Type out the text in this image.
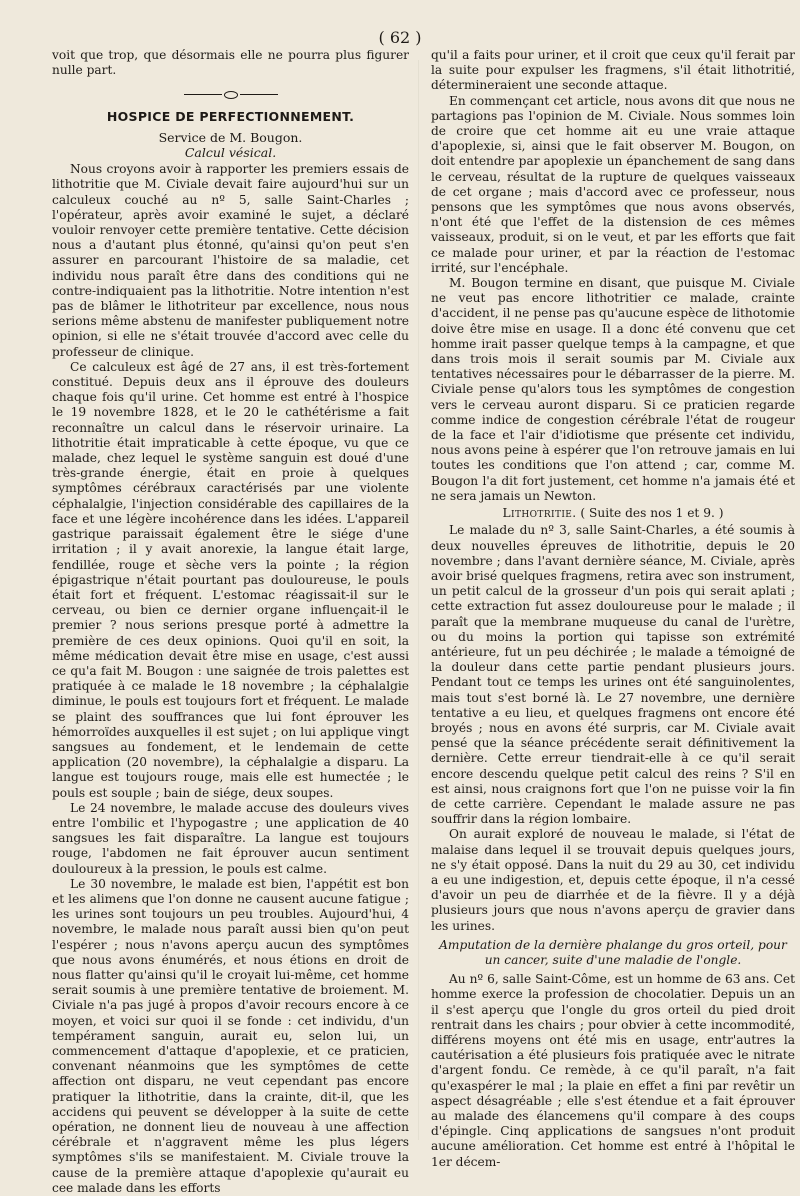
( 62 )

voit que trop, que désormais elle ne pourra plus figurer nulle part.

HOSPICE DE PERFECTIONNEMENT.
Service de M. Bougon.
Calcul vésical.

Nous croyons avoir à rapporter les premiers essais de lithotritie que M. Civiale devait faire aujourd'hui sur un calculeux couché au nº 5, salle Saint-Charles ; l'opérateur, après avoir examiné le sujet, a déclaré vouloir renvoyer cette première tentative. Cette décision nous a d'autant plus étonné, qu'ainsi qu'on peut s'en assurer en parcourant l'histoire de sa maladie, cet individu nous paraît être dans des conditions qui ne contre-indiquaient pas la lithotritie. Notre intention n'est pas de blâmer le lithotriteur par excellence, nous nous serions même abstenu de manifester publiquement notre opinion, si elle ne s'était trouvée d'accord avec celle du professeur de clinique.

Ce calculeux est âgé de 27 ans, il est très-fortement constitué. Depuis deux ans il éprouve des douleurs chaque fois qu'il urine. Cet homme est entré à l'hospice le 19 novembre 1828, et le 20 le cathétérisme a fait reconnaître un calcul dans le réservoir urinaire. La lithotritie était impraticable à cette époque, vu que ce malade, chez lequel le système sanguin est doué d'une très-grande énergie, était en proie à quelques symptômes cérébraux caractérisés par une violente céphalalgie, l'injection considérable des capillaires de la face et une légère incohérence dans les idées. L'appareil gastrique paraissait également être le siége d'une irritation ; il y avait anorexie, la langue était large, fendillée, rouge et sèche vers la pointe ; la région épigastrique n'était pourtant pas douloureuse, le pouls était fort et fréquent. L'estomac réagissait-il sur le cerveau, ou bien ce dernier organe influençait-il le premier ? nous serions presque porté à admettre la première de ces deux opinions. Quoi qu'il en soit, la même médication devait être mise en usage, c'est aussi ce qu'a fait M. Bougon : une saignée de trois palettes est pratiquée à ce malade le 18 novembre ; la céphalalgie diminue, le pouls est toujours fort et fréquent. Le malade se plaint des souffrances que lui font éprouver les hémorroïdes auxquelles il est sujet ; on lui applique vingt sangsues au fondement, et le lendemain de cette application (20 novembre), la céphalalgie a disparu. La langue est toujours rouge, mais elle est humectée ; le pouls est souple ; bain de siége, deux soupes.

Le 24 novembre, le malade accuse des douleurs vives entre l'ombilic et l'hypogastre ; une application de 40 sangsues les fait disparaître. La langue est toujours rouge, l'abdomen ne fait éprouver aucun sentiment douloureux à la pression, le pouls est calme.

Le 30 novembre, le malade est bien, l'appétit est bon et les alimens que l'on donne ne causent aucune fatigue ; les urines sont toujours un peu troubles. Aujourd'hui, 4 novembre, le malade nous paraît aussi bien qu'on peut l'espérer ; nous n'avons aperçu aucun des symptômes que nous avons énumérés, et nous étions en droit de nous flatter qu'ainsi qu'il le croyait lui-même, cet homme serait soumis à une première tentative de broiement. M. Civiale n'a pas jugé à propos d'avoir recours encore à ce moyen, et voici sur quoi il se fonde : cet individu, d'un tempérament sanguin, aurait eu, selon lui, un commencement d'attaque d'apoplexie, et ce praticien, convenant néanmoins que les symptômes de cette affection ont disparu, ne veut cependant pas encore pratiquer la lithotritie, dans la crainte, dit-il, que les accidens qui peuvent se développer à la suite de cette opération, ne donnent lieu de nouveau à une affection cérébrale et n'aggravent même les plus légers symptômes s'ils se manifestaient. M. Civiale trouve la cause de la première attaque d'apoplexie qu'aurait eu cee malade dans les efforts

qu'il a faits pour uriner, et il croit que ceux qu'il ferait par la suite pour expulser les fragmens, s'il était lithotritié, détermineraient une seconde attaque.

En commençant cet article, nous avons dit que nous ne partagions pas l'opinion de M. Civiale. Nous sommes loin de croire que cet homme ait eu une vraie attaque d'apoplexie, si, ainsi que le fait observer M. Bougon, on doit entendre par apoplexie un épanchement de sang dans le cerveau, résultat de la rupture de quelques vaisseaux de cet organe ; mais d'accord avec ce professeur, nous pensons que les symptômes que nous avons observés, n'ont été que l'effet de la distension de ces mêmes vaisseaux, produit, si on le veut, et par les efforts que fait ce malade pour uriner, et par la réaction de l'estomac irrité, sur l'encéphale.

M. Bougon termine en disant, que puisque M. Civiale ne veut pas encore lithotritier ce malade, crainte d'accident, il ne pense pas qu'aucune espèce de lithotomie doive être mise en usage. Il a donc été convenu que cet homme irait passer quelque temps à la campagne, et que dans trois mois il serait soumis par M. Civiale aux tentatives nécessaires pour le débarrasser de la pierre. M. Civiale pense qu'alors tous les symptômes de congestion vers le cerveau auront disparu. Si ce praticien regarde comme indice de congestion cérébrale l'état de rougeur de la face et l'air d'idiotisme que présente cet individu, nous avons peine à espérer que l'on retrouve jamais en lui toutes les conditions que l'on attend ; car, comme M. Bougon l'a dit fort justement, cet homme n'a jamais été et ne sera jamais un Newton.

Lithotritie. ( Suite des nos 1 et 9. )

Le malade du nº 3, salle Saint-Charles, a été soumis à deux nouvelles épreuves de lithotritie, depuis le 20 novembre ; dans l'avant dernière séance, M. Civiale, après avoir brisé quelques fragmens, retira avec son instrument, un petit calcul de la grosseur d'un pois qui serait aplati ; cette extraction fut assez douloureuse pour le malade ; il paraît que la membrane muqueuse du canal de l'urètre, ou du moins la portion qui tapisse son extrémité antérieure, fut un peu déchirée ; le malade a témoigné de la douleur dans cette partie pendant plusieurs jours. Pendant tout ce temps les urines ont été sanguinolentes, mais tout s'est borné là. Le 27 novembre, une dernière tentative a eu lieu, et quelques fragmens ont encore été broyés ; nous en avons été surpris, car M. Civiale avait pensé que la séance précédente serait définitivement la dernière. Cette erreur tiendrait-elle à ce qu'il serait encore descendu quelque petit calcul des reins ? S'il en est ainsi, nous craignons fort que l'on ne puisse voir la fin de cette carrière. Cependant le malade assure ne pas souffrir dans la région lombaire.

On aurait exploré de nouveau le malade, si l'état de malaise dans lequel il se trouvait depuis quelques jours, ne s'y était opposé. Dans la nuit du 29 au 30, cet individu a eu une indigestion, et, depuis cette époque, il n'a cessé d'avoir un peu de diarrhée et de la fièvre. Il y a déjà plusieurs jours que nous n'avons aperçu de gravier dans les urines.

Amputation de la dernière phalange du gros orteil, pour un cancer, suite d'une maladie de l'ongle.

Au nº 6, salle Saint-Côme, est un homme de 63 ans. Cet homme exerce la profession de chocolatier. Depuis un an il s'est aperçu que l'ongle du gros orteil du pied droit rentrait dans les chairs ; pour obvier à cette incommodité, différens moyens ont été mis en usage, entr'autres la cautérisation a été plusieurs fois pratiquée avec le nitrate d'argent fondu. Ce remède, à ce qu'il paraît, n'a fait qu'exaspérer le mal ; la plaie en effet a fini par revêtir un aspect désagréable ; elle s'est étendue et a fait éprouver au malade des élancemens qu'il compare à des coups d'épingle. Cinq applications de sangsues n'ont produit aucune amélioration. Cet homme est entré à l'hôpital le 1er décem-
